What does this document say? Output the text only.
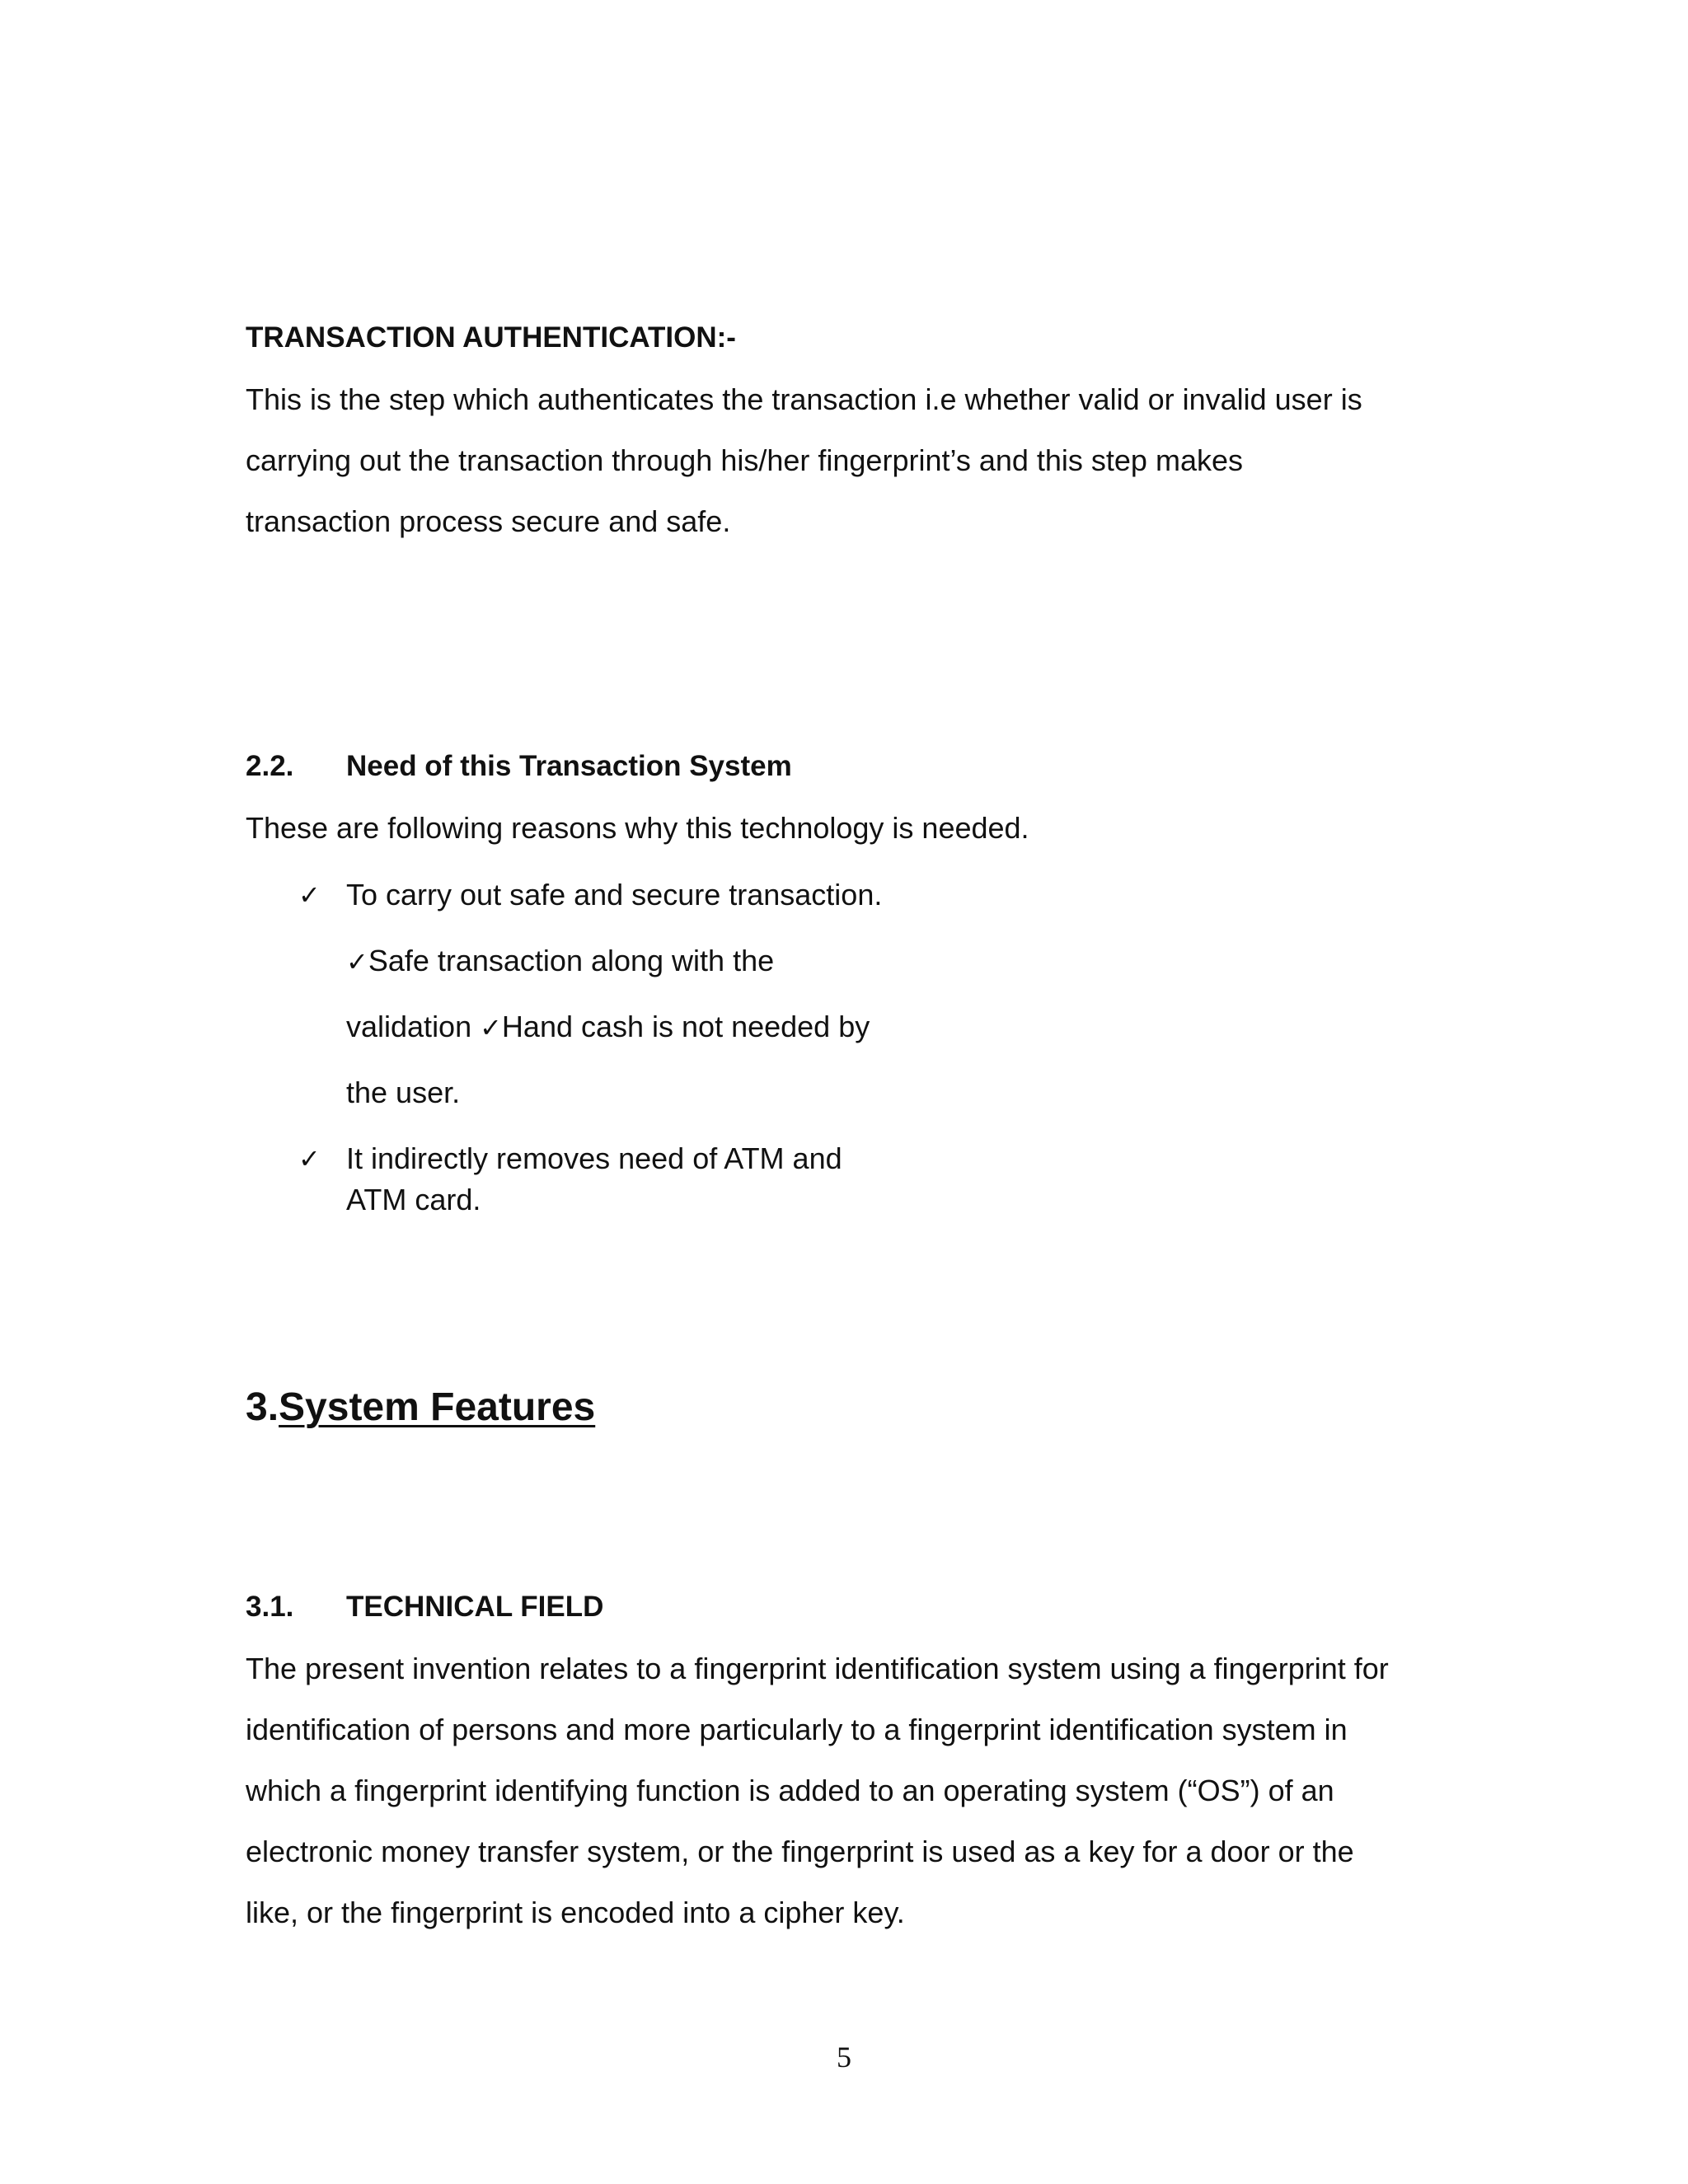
TRANSACTION AUTHENTICATION:-
This is the step which authenticates the transaction i.e whether valid or invalid user is
carrying out the transaction through his/her fingerprint’s and this step makes
transaction process secure and safe.
2.2. Need of this Transaction System
These are following reasons why this technology is needed.
✓ To carry out safe and secure transaction.
✓Safe transaction along with the
validation ✓Hand cash is not needed by
the user.
✓ It indirectly removes need of ATM and
ATM card.
3.System Features
3.1. TECHNICAL FIELD
The present invention relates to a fingerprint identification system using a fingerprint for
identification of persons and more particularly to a fingerprint identification system in
which a fingerprint identifying function is added to an operating system (“OS”) of an
electronic money transfer system, or the fingerprint is used as a key for a door or the
like, or the fingerprint is encoded into a cipher key.
5
